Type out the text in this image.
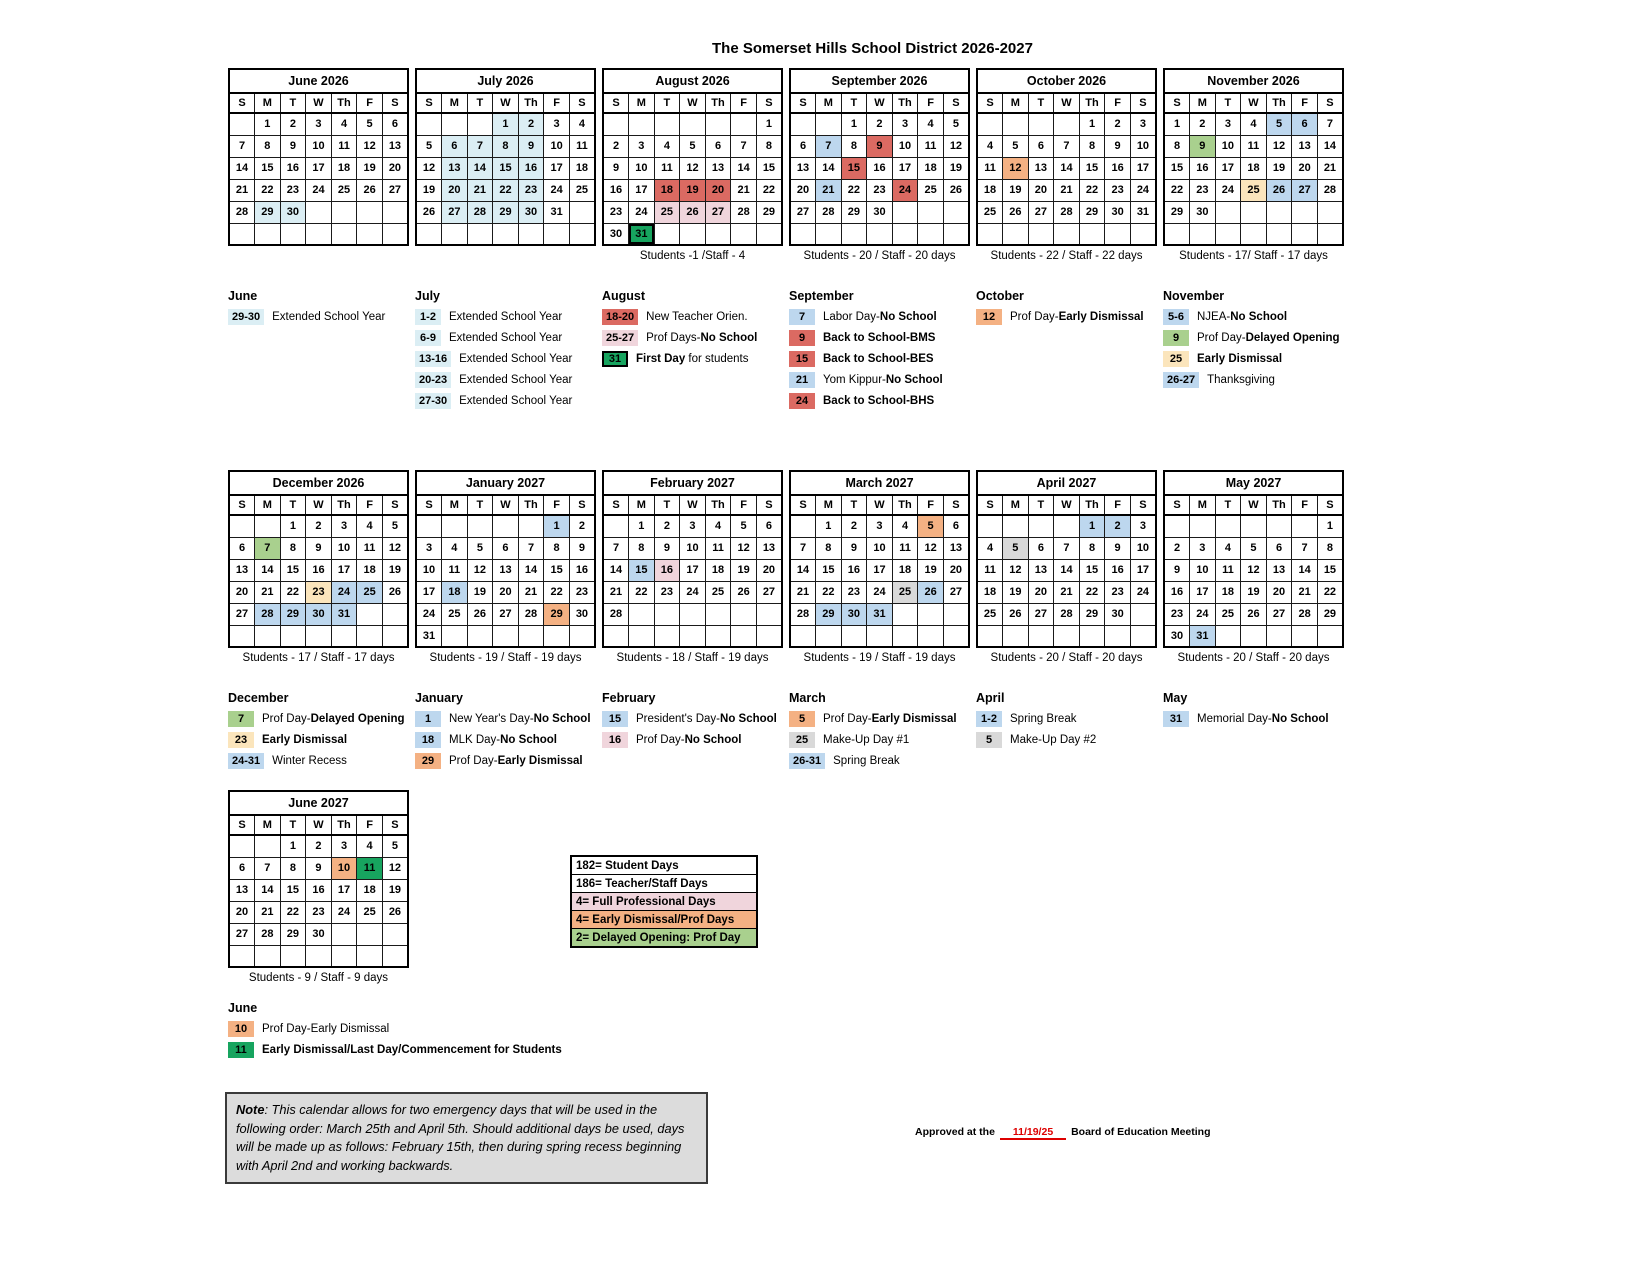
The Somerset Hills School District 2026-2027
June 2026						
S	M	T	W	Th	F	S
	1	2	3	4	5	6
7	8	9	10	11	12	13
14	15	16	17	18	19	20
21	22	23	24	25	26	27
28	29	30				

July 2026						
S	M	T	W	Th	F	S
			1	2	3	4
5	6	7	8	9	10	11
12	13	14	15	16	17	18
19	20	21	22	23	24	25
26	27	28	29	30	31	

August 2026						
S	M	T	W	Th	F	S
						1
2	3	4	5	6	7	8
9	10	11	12	13	14	15
16	17	18	19	20	21	22
23	24	25	26	27	28	29
30	31					
Students -1 /Staff - 4
September 2026						
S	M	T	W	Th	F	S
		1	2	3	4	5
6	7	8	9	10	11	12
13	14	15	16	17	18	19
20	21	22	23	24	25	26
27	28	29	30			

Students - 20 / Staff - 20 days
October 2026						
S	M	T	W	Th	F	S
				1	2	3
4	5	6	7	8	9	10
11	12	13	14	15	16	17
18	19	20	21	22	23	24
25	26	27	28	29	30	31

Students - 22 / Staff - 22 days
November 2026						
S	M	T	W	Th	F	S
1	2	3	4	5	6	7
8	9	10	11	12	13	14
15	16	17	18	19	20	21
22	23	24	25	26	27	28
29	30					

Students - 17/ Staff - 17 days
June
29-30	Extended School Year
July
1-2	Extended School Year
6-9	Extended School Year
13-16	Extended School Year
20-23	Extended School Year
27-30	Extended School Year
August
18-20	New Teacher Orien.
25-27	Prof Days-No School
31	First Day for students
September
7	Labor Day-No School
9	Back to School-BMS
15	Back to School-BES
21	Yom Kippur-No School
24	Back to School-BHS
October
12	Prof Day-Early Dismissal
November
5-6	NJEA-No School
9	Prof Day-Delayed Opening
25	Early Dismissal
26-27	Thanksgiving
December 2026						
S	M	T	W	Th	F	S
		1	2	3	4	5
6	7	8	9	10	11	12
13	14	15	16	17	18	19
20	21	22	23	24	25	26
27	28	29	30	31		

Students - 17 / Staff - 17 days
January 2027						
S	M	T	W	Th	F	S
					1	2
3	4	5	6	7	8	9
10	11	12	13	14	15	16
17	18	19	20	21	22	23
24	25	26	27	28	29	30
31						
Students - 19 / Staff - 19 days
February 2027						
S	M	T	W	Th	F	S
	1	2	3	4	5	6
7	8	9	10	11	12	13
14	15	16	17	18	19	20
21	22	23	24	25	26	27
28						

Students - 18 / Staff - 19 days
March 2027						
S	M	T	W	Th	F	S
	1	2	3	4	5	6
7	8	9	10	11	12	13
14	15	16	17	18	19	20
21	22	23	24	25	26	27
28	29	30	31			

Students - 19 / Staff - 19 days
April 2027						
S	M	T	W	Th	F	S
				1	2	3
4	5	6	7	8	9	10
11	12	13	14	15	16	17
18	19	20	21	22	23	24
25	26	27	28	29	30	

Students - 20 / Staff - 20 days
May 2027						
S	M	T	W	Th	F	S
						1
2	3	4	5	6	7	8
9	10	11	12	13	14	15
16	17	18	19	20	21	22
23	24	25	26	27	28	29
30	31					
Students - 20 / Staff - 20 days
December
7	Prof Day-Delayed Opening
23	Early Dismissal
24-31	Winter Recess
January
1	New Year's Day-No School
18	MLK Day-No School
29	Prof Day-Early Dismissal
February
15	President's Day-No School
16	Prof Day-No School
March
5	Prof Day-Early Dismissal
25	Make-Up Day #1
26-31	Spring Break
April
1-2	Spring Break
5	Make-Up Day #2
May
31	Memorial Day-No School
June 2027						
S	M	T	W	Th	F	S
		1	2	3	4	5
6	7	8	9	10	11	12
13	14	15	16	17	18	19
20	21	22	23	24	25	26
27	28	29	30			

Students - 9 / Staff - 9 days
182= Student Days
186= Teacher/Staff Days
4= Full Professional Days
4= Early Dismissal/Prof Days
2= Delayed Opening: Prof Day
June
10	Prof Day-Early Dismissal
11	Early Dismissal/Last Day/Commencement for Students
Note: This calendar allows for two emergency days that will be used in the following order: March 25th and April 5th. Should additional days be used, days will be made up as follows: February 15th, then during spring recess beginning with April 2nd and working backwards.
Approved at the 11/19/25 Board of Education Meeting
